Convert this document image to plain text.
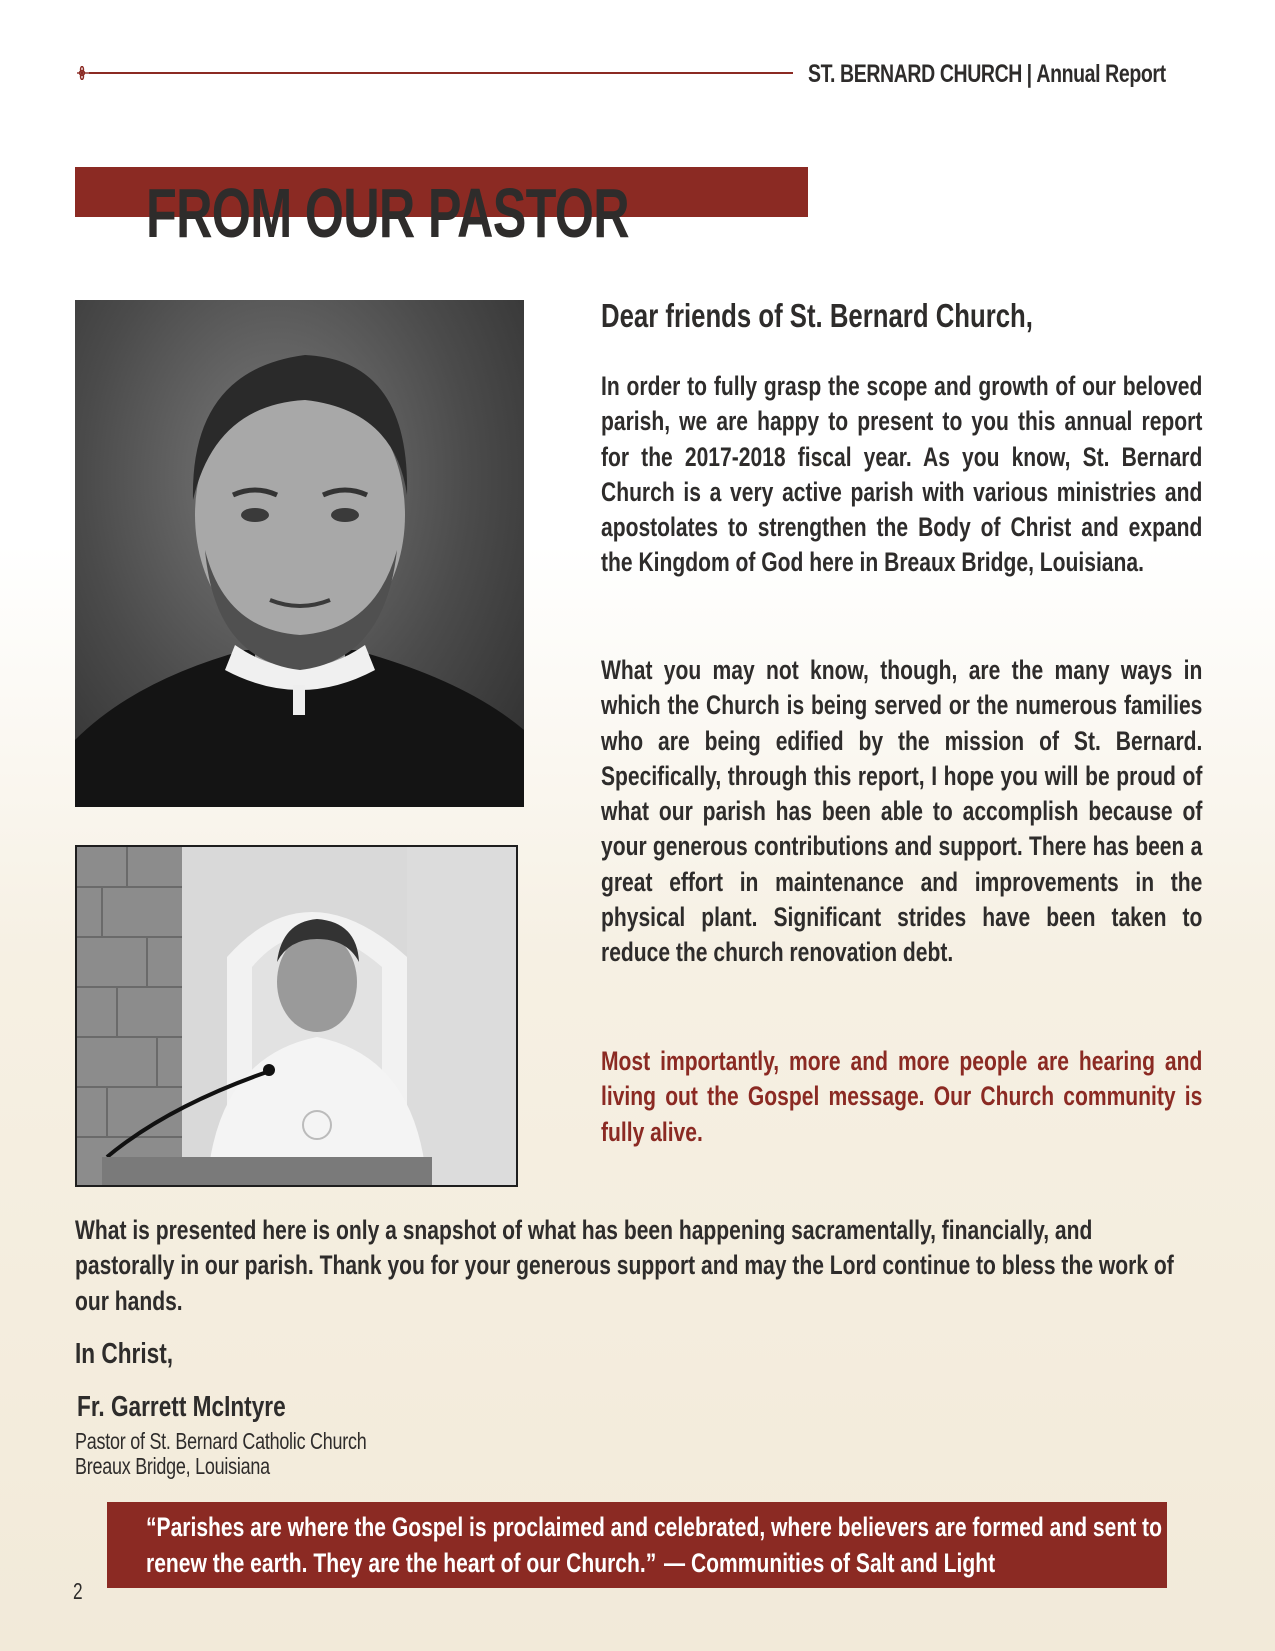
ST. BERNARD CHURCH | Annual Report
FROM OUR PASTOR
Dear friends of St. Bernard Church,

In order to fully grasp the scope and growth of our beloved parish, we are happy to present to you this annual report for the 2017-2018 fiscal year. As you know, St. Bernard Church is a very active parish with various ministries and apostolates to strengthen the Body of Christ and expand the Kingdom of God here in Breaux Bridge, Louisiana.

What you may not know, though, are the many ways in which the Church is being served or the numerous families who are being edified by the mission of St. Bernard. Specifically, through this report, I hope you will be proud of what our parish has been able to accomplish because of your generous contributions and support. There has been a great effort in maintenance and improvements in the physical plant. Significant strides have been taken to reduce the church renovation debt.

Most importantly, more and more people are hearing and living out the Gospel message. Our Church community is fully alive.

What is presented here is only a snapshot of what has been happening sacramentally, financially, and pastorally in our parish. Thank you for your generous support and may the Lord continue to bless the work of our hands.

In Christ,
Fr. Garrett McIntyre
Pastor of St. Bernard Catholic Church
Breaux Bridge, Louisiana

“Parishes are where the Gospel is proclaimed and celebrated, where believers are formed and sent to renew the earth. They are the heart of our Church.” — Communities of Salt and Light

2
